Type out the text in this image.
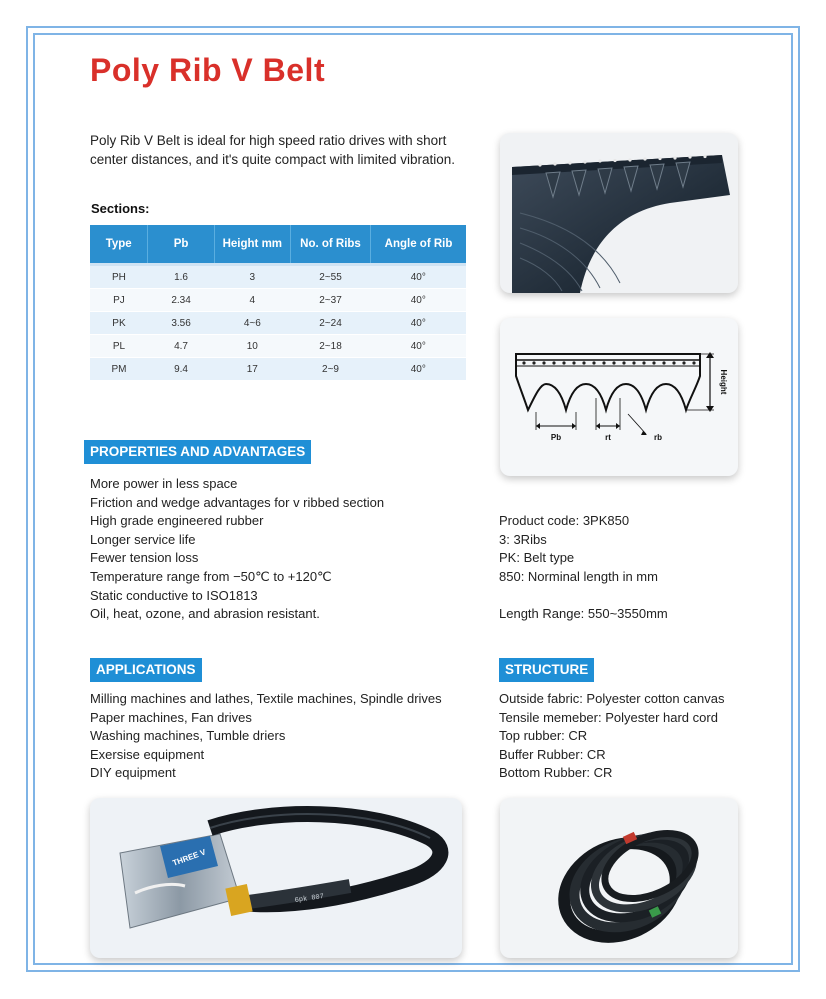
Poly Rib V Belt

Poly Rib V Belt is ideal for high speed ratio drives with short center distances, and it's quite compact with limited vibration.

Sections:
Type	Pb	Height mm	No. of Ribs	Angle of Rib
PH	1.6	3	2~55	40°
PJ	2.34	4	2~37	40°
PK	3.56	4~6	2~24	40°
PL	4.7	10	2~18	40°
PM	9.4	17	2~9	40°
Height
Pb	rt	rb
PROPERTIES AND ADVANTAGES
More power in less space
Friction and wedge advantages for v ribbed section
High grade engineered rubber
Longer service life
Fewer tension loss
Temperature range from −50℃ to +120℃
Static conductive to ISO1813
Oil, heat, ozone, and abrasion resistant.
Product code: 3PK850
3: 3Ribs
PK: Belt type
850: Norminal length in mm
Length Range: 550~3550mm
APPLICATIONS
Milling machines and lathes, Textile machines, Spindle drives
Paper machines, Fan drives
Washing machines, Tumble driers
Exersise equipment
DIY equipment
STRUCTURE
Outside fabric: Polyester cotton canvas
Tensile memeber: Polyester hard cord
Top rubber: CR
Buffer Rubber: CR
Bottom Rubber: CR
THREE V
6pk 807
